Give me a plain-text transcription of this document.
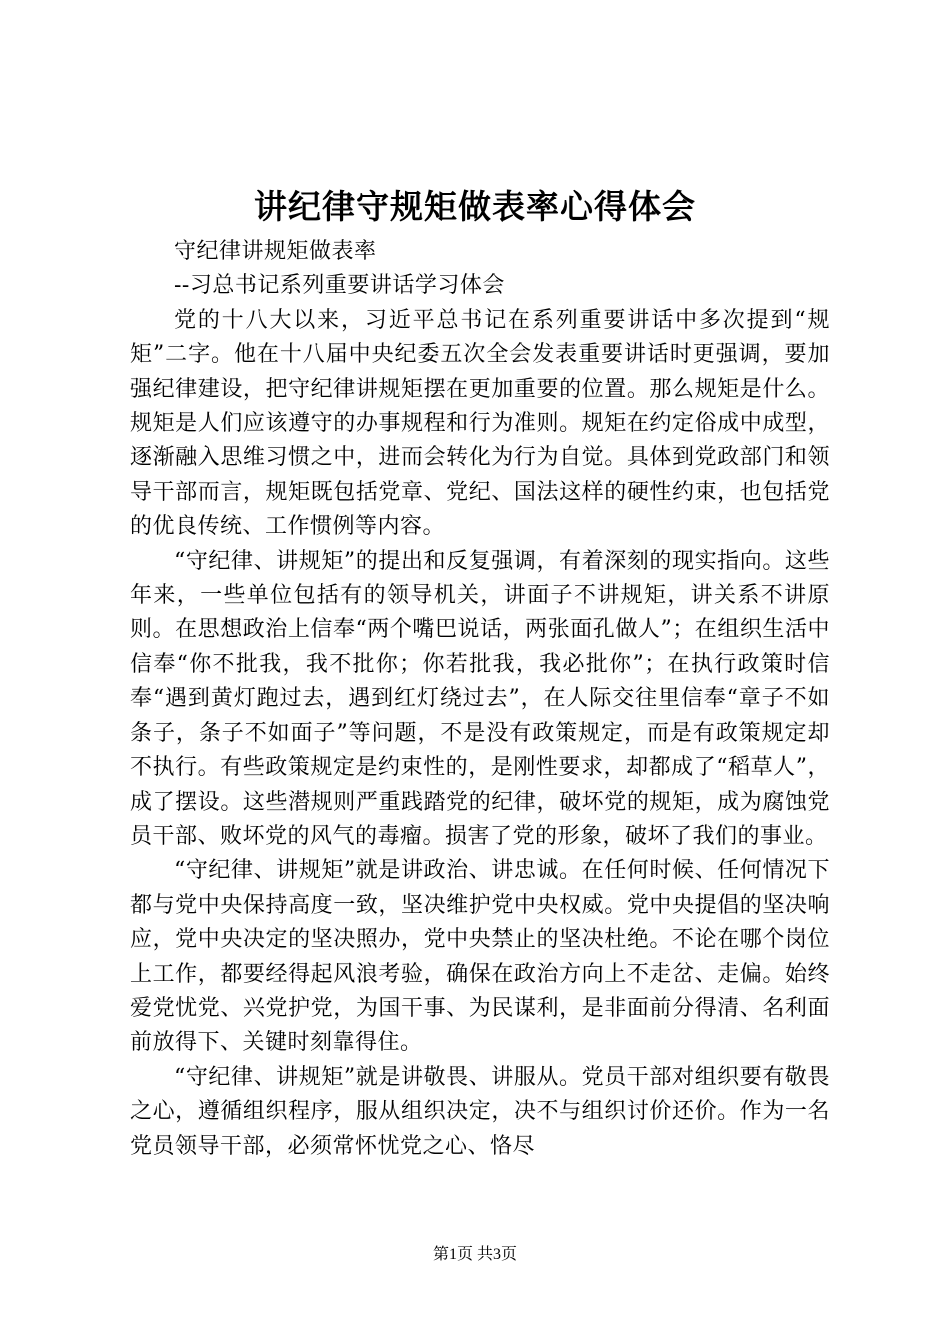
讲纪律守规矩做表率心得体会

守纪律讲规矩做表率

--习总书记系列重要讲话学习体会

党的十八大以来，习近平总书记在系列重要讲话中多次提到“规矩”二字。他在十八届中央纪委五次全会发表重要讲话时更强调，要加强纪律建设，把守纪律讲规矩摆在更加重要的位置。那么规矩是什么。规矩是人们应该遵守的办事规程和行为准则。规矩在约定俗成中成型，逐渐融入思维习惯之中，进而会转化为行为自觉。具体到党政部门和领导干部而言，规矩既包括党章、党纪、国法这样的硬性约束，也包括党的优良传统、工作惯例等内容。

“守纪律、讲规矩”的提出和反复强调，有着深刻的现实指向。这些年来，一些单位包括有的领导机关，讲面子不讲规矩，讲关系不讲原则。在思想政治上信奉“两个嘴巴说话，两张面孔做人”；在组织生活中信奉“你不批我，我不批你；你若批我，我必批你”；在执行政策时信奉“遇到黄灯跑过去，遇到红灯绕过去”，在人际交往里信奉“章子不如条子，条子不如面子”等问题，不是没有政策规定，而是有政策规定却不执行。有些政策规定是约束性的，是刚性要求，却都成了“稻草人”，成了摆设。这些潜规则严重践踏党的纪律，破坏党的规矩，成为腐蚀党员干部、败坏党的风气的毒瘤。损害了党的形象，破坏了我们的事业。

“守纪律、讲规矩”就是讲政治、讲忠诚。在任何时候、任何情况下都与党中央保持高度一致，坚决维护党中央权威。党中央提倡的坚决响应，党中央决定的坚决照办，党中央禁止的坚决杜绝。不论在哪个岗位上工作，都要经得起风浪考验，确保在政治方向上不走岔、走偏。始终爱党忧党、兴党护党，为国干事、为民谋利，是非面前分得清、名利面前放得下、关键时刻靠得住。

“守纪律、讲规矩”就是讲敬畏、讲服从。党员干部对组织要有敬畏之心，遵循组织程序，服从组织决定，决不与组织讨价还价。作为一名党员领导干部，必须常怀忧党之心、恪尽

第1页 共3页
